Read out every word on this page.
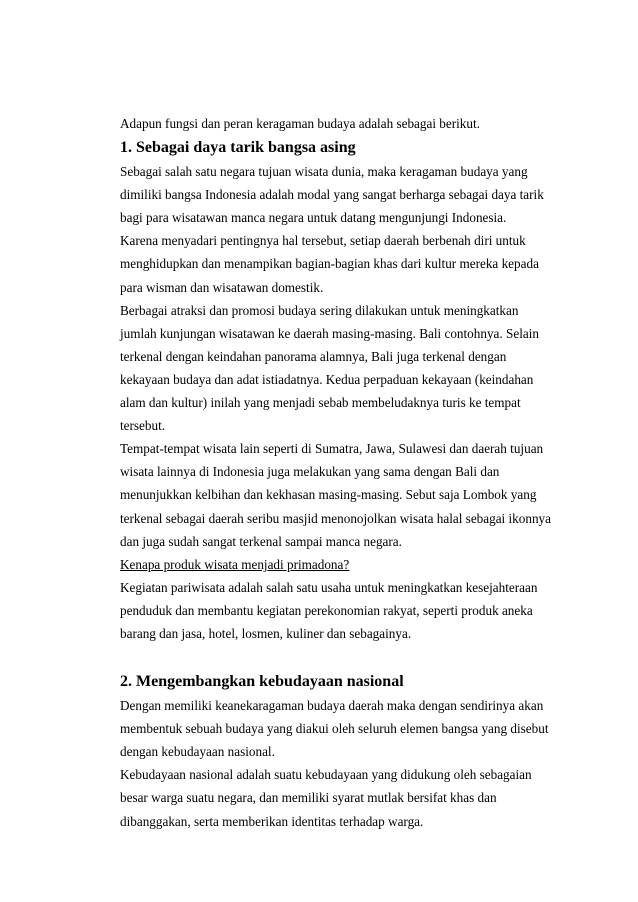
Adapun fungsi dan peran keragaman budaya adalah sebagai berikut.

1. Sebagai daya tarik bangsa asing

Sebagai salah satu negara tujuan wisata dunia, maka keragaman budaya yang

dimiliki bangsa Indonesia adalah modal yang sangat berharga sebagai daya tarik

bagi para wisatawan manca negara untuk datang mengunjungi Indonesia.

Karena menyadari pentingnya hal tersebut, setiap daerah berbenah diri untuk

menghidupkan dan menampikan bagian-bagian khas dari kultur mereka kepada

para wisman dan wisatawan domestik.

Berbagai atraksi dan promosi budaya sering dilakukan untuk meningkatkan

jumlah kunjungan wisatawan ke daerah masing-masing. Bali contohnya. Selain

terkenal dengan keindahan panorama alamnya, Bali juga terkenal dengan

kekayaan budaya dan adat istiadatnya. Kedua perpaduan kekayaan (keindahan

alam dan kultur) inilah yang menjadi sebab membeludaknya turis ke tempat

tersebut.

Tempat-tempat wisata lain seperti di Sumatra, Jawa, Sulawesi dan daerah tujuan

wisata lainnya di Indonesia juga melakukan yang sama dengan Bali dan

menunjukkan kelbihan dan kekhasan masing-masing. Sebut saja Lombok yang

terkenal sebagai daerah seribu masjid menonojolkan wisata halal sebagai ikonnya

dan juga sudah sangat terkenal sampai manca negara.

Kenapa produk wisata menjadi primadona?

Kegiatan pariwisata adalah salah satu usaha untuk meningkatkan kesejahteraan

penduduk dan membantu kegiatan perekonomian rakyat, seperti produk aneka

barang dan jasa, hotel, losmen, kuliner dan sebagainya.

2. Mengembangkan kebudayaan nasional

Dengan memiliki keanekaragaman budaya daerah maka dengan sendirinya akan

membentuk sebuah budaya yang diakui oleh seluruh elemen bangsa yang disebut

dengan kebudayaan nasional.

Kebudayaan nasional adalah suatu kebudayaan yang didukung oleh sebagaian

besar warga suatu negara, dan memiliki syarat mutlak bersifat khas dan

dibanggakan, serta memberikan identitas terhadap warga.
